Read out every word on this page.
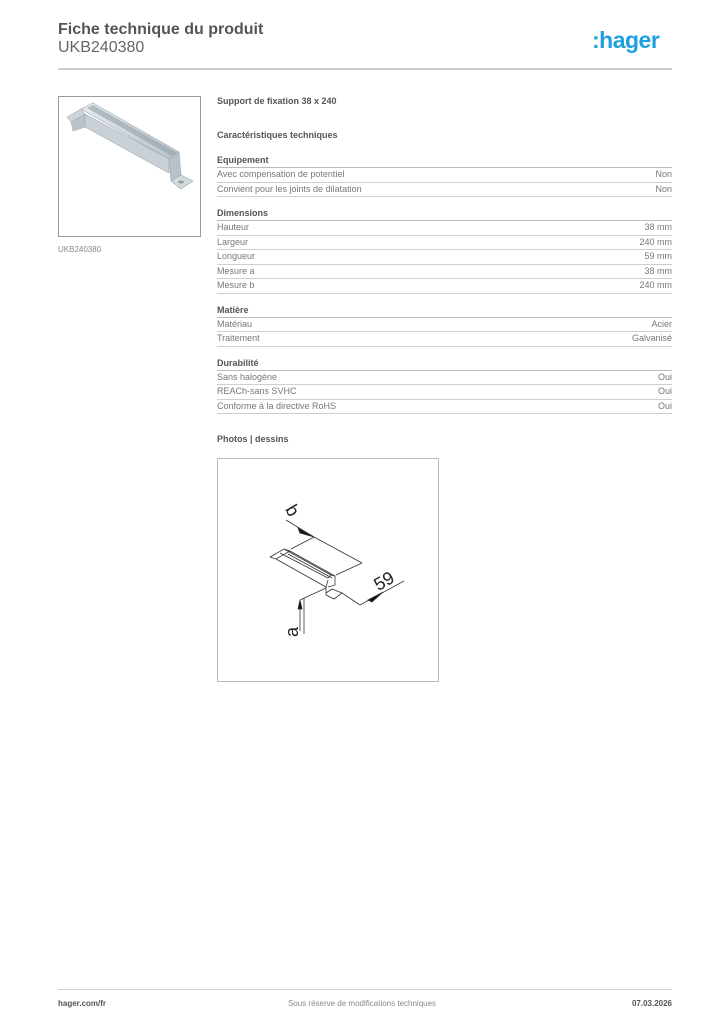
Fiche technique du produit
UKB240380	:hager
UKB240380
Support de fixation 38 x 240
Caractéristiques techniques
Equipement
Avec compensation de potentiel	Non
Convient pour les joints de dilatation	Non
Dimensions
Hauteur	38 mm
Largeur	240 mm
Longueur	59 mm
Mesure a	38 mm
Mesure b	240 mm
Matière
Matériau	Acier
Traitement	Galvanisé
Durabilité
Sans halogène	Oui
REACh-sans SVHC	Oui
Conforme à la directive RoHS	Oui
Photos | dessins
b
59
a
hager.com/fr	Sous réserve de modifications techniques	07.03.2026
